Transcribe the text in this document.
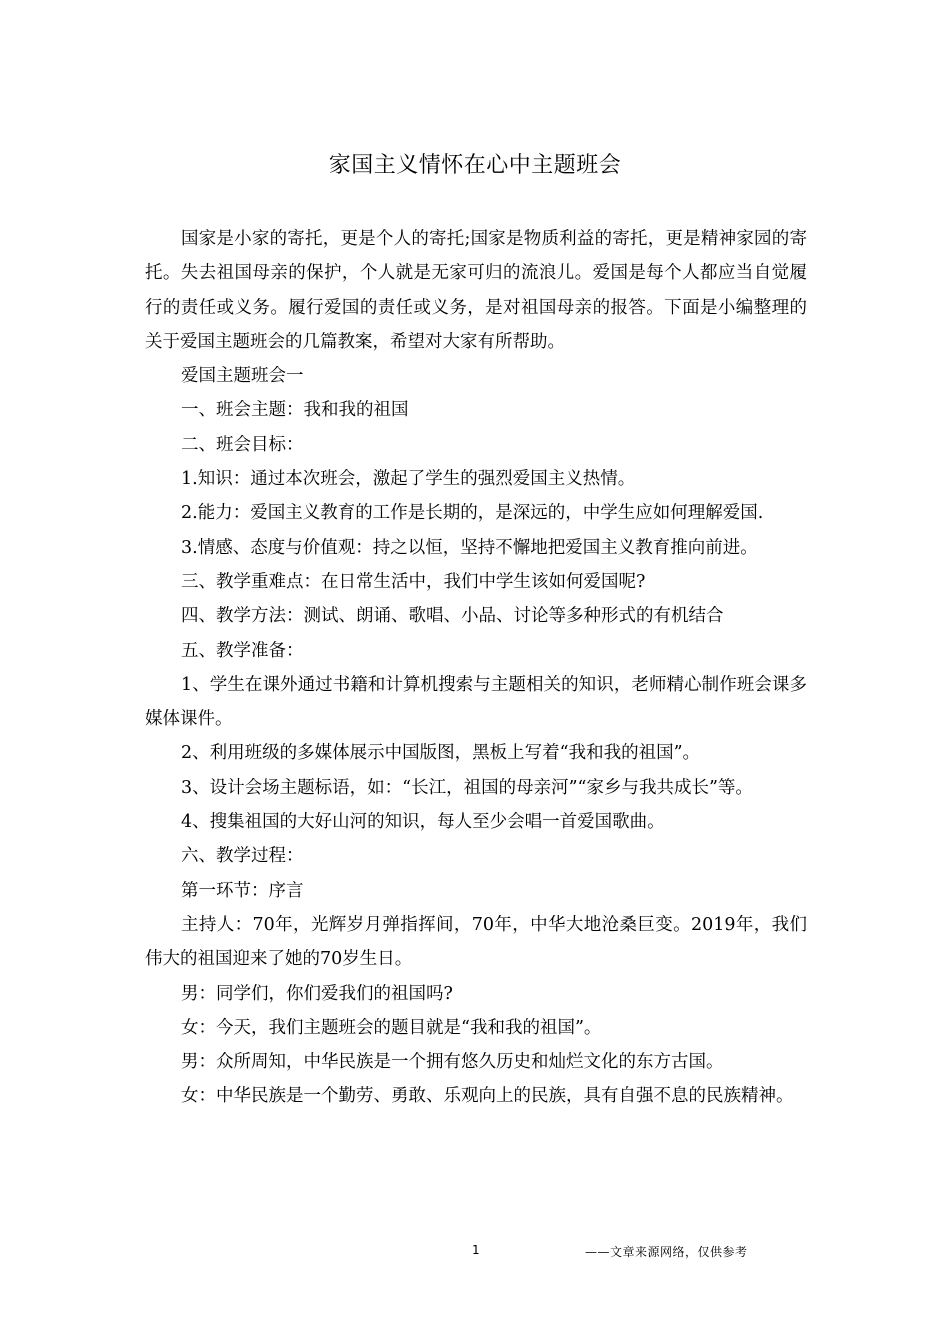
家国主义情怀在心中主题班会

国家是小家的寄托，更是个人的寄托;国家是物质利益的寄托，更是精神家园的寄托。失去祖国母亲的保护，个人就是无家可归的流浪儿。爱国是每个人都应当自觉履行的责任或义务。履行爱国的责任或义务，是对祖国母亲的报答。下面是小编整理的关于爱国主题班会的几篇教案，希望对大家有所帮助。

爱国主题班会一

一、班会主题：我和我的祖国

二、班会目标：

1.知识：通过本次班会，激起了学生的强烈爱国主义热情。

2.能力：爱国主义教育的工作是长期的，是深远的，中学生应如何理解爱国.

3.情感、态度与价值观：持之以恒，坚持不懈地把爱国主义教育推向前进。

三、教学重难点：在日常生活中，我们中学生该如何爱国呢?

四、教学方法：测试、朗诵、歌唱、小品、讨论等多种形式的有机结合

五、教学准备：

1、学生在课外通过书籍和计算机搜索与主题相关的知识，老师精心制作班会课多媒体课件。

2、利用班级的多媒体展示中国版图，黑板上写着“我和我的祖国”。

3、设计会场主题标语，如：“长江，祖国的母亲河”“家乡与我共成长”等。

4、搜集祖国的大好山河的知识，每人至少会唱一首爱国歌曲。

六、教学过程：

第一环节：序言

主持人：70年，光辉岁月弹指挥间，70年，中华大地沧桑巨变。2019年，我们伟大的祖国迎来了她的70岁生日。

男：同学们，你们爱我们的祖国吗?

女：今天，我们主题班会的题目就是“我和我的祖国”。

男：众所周知，中华民族是一个拥有悠久历史和灿烂文化的东方古国。

女：中华民族是一个勤劳、勇敢、乐观向上的民族，具有自强不息的民族精神。

1	——文章来源网络，仅供参考
